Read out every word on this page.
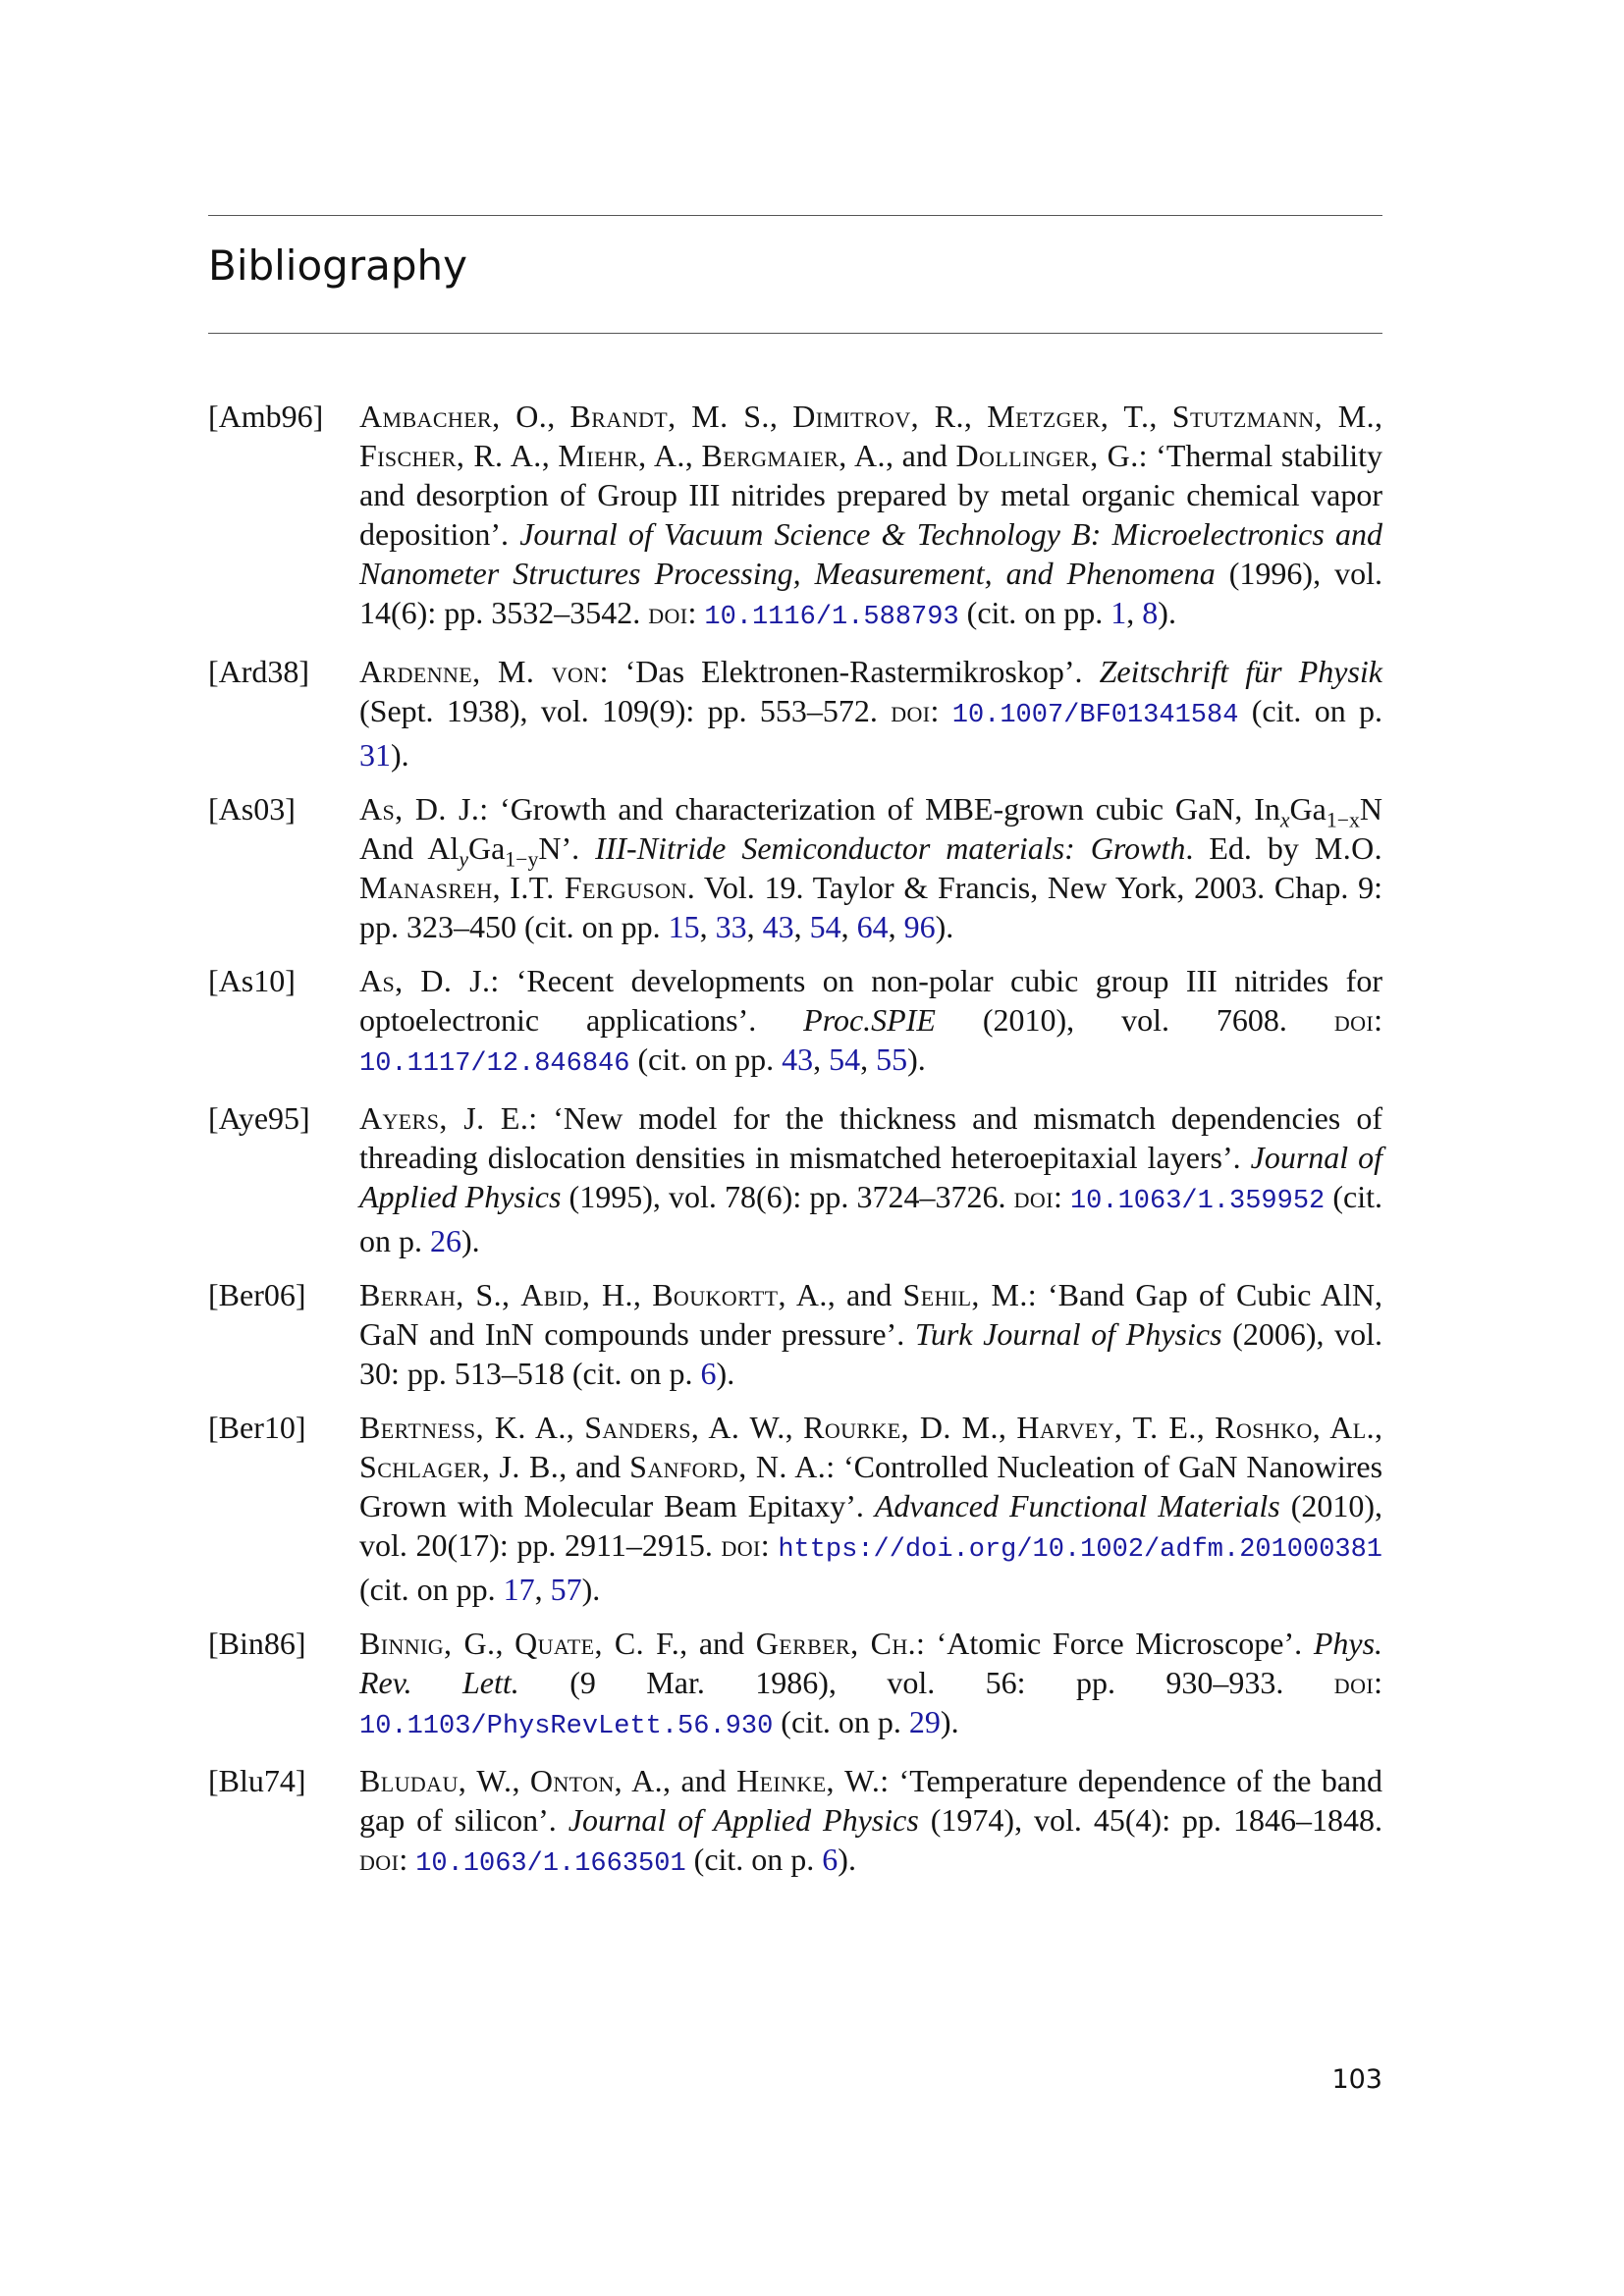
Bibliography
[Amb96] Ambacher, O., Brandt, M. S., Dimitrov, R., Metzger, T., Stutzmann, M., Fischer, R. A., Miehr, A., Bergmaier, A., and Dollinger, G.: ‘Thermal stability and desorption of Group III nitrides prepared by metal organic chemical vapor deposition’. Journal of Vacuum Science & Technology B: Microelectronics and Nanometer Structures Processing, Measurement, and Phenomena (1996), vol. 14(6): pp. 3532–3542. doi: 10.1116/1.588793 (cit. on pp. 1, 8).
[Ard38] Ardenne, M. von: ‘Das Elektronen-Rastermikroskop’. Zeitschrift für Physik (Sept. 1938), vol. 109(9): pp. 553–572. doi: 10.1007/BF01341584 (cit. on p. 31).
[As03] As, D. J.: ‘Growth and characterization of MBE-grown cubic GaN, $In_xGa_{1-x}N$ And $Al_yGa_{1-y}N$’. III-Nitride Semiconductor materials: Growth. Ed. by M.O. Manasreh, I.T. Ferguson. Vol. 19. Taylor & Francis, New York, 2003. Chap. 9: pp. 323–450 (cit. on pp. 15, 33, 43, 54, 64, 96).
[As10] As, D. J.: ‘Recent developments on non-polar cubic group III nitrides for optoelectronic applications’. Proc.SPIE (2010), vol. 7608. doi: 10.1117/12.846846 (cit. on pp. 43, 54, 55).
[Aye95] Ayers, J. E.: ‘New model for the thickness and mismatch dependencies of threading dislocation densities in mismatched heteroepitaxial layers’. Journal of Applied Physics (1995), vol. 78(6): pp. 3724–3726. doi: 10.1063/1.359952 (cit. on p. 26).
[Ber06] Berrah, S., Abid, H., Boukortt, A., and Sehil, M.: ‘Band Gap of Cubic AlN, GaN and InN compounds under pressure’. Turk Journal of Physics (2006), vol. 30: pp. 513–518 (cit. on p. 6).
[Ber10] Bertness, K. A., Sanders, A. W., Rourke, D. M., Harvey, T. E., Roshko, Al., Schlager, J. B., and Sanford, N. A.: ‘Controlled Nucleation of GaN Nanowires Grown with Molecular Beam Epitaxy’. Advanced Functional Materials (2010), vol. 20(17): pp. 2911–2915. doi: https://doi.org/10.1002/adfm.201000381 (cit. on pp. 17, 57).
[Bin86] Binnig, G., Quate, C. F., and Gerber, Ch.: ‘Atomic Force Microscope’. Phys. Rev. Lett. (9 Mar. 1986), vol. 56: pp. 930–933. doi: 10.1103/PhysRevLett.56.930 (cit. on p. 29).
[Blu74] Bludau, W., Onton, A., and Heinke, W.: ‘Temperature dependence of the band gap of silicon’. Journal of Applied Physics (1974), vol. 45(4): pp. 1846–1848. doi: 10.1063/1.1663501 (cit. on p. 6).
103
